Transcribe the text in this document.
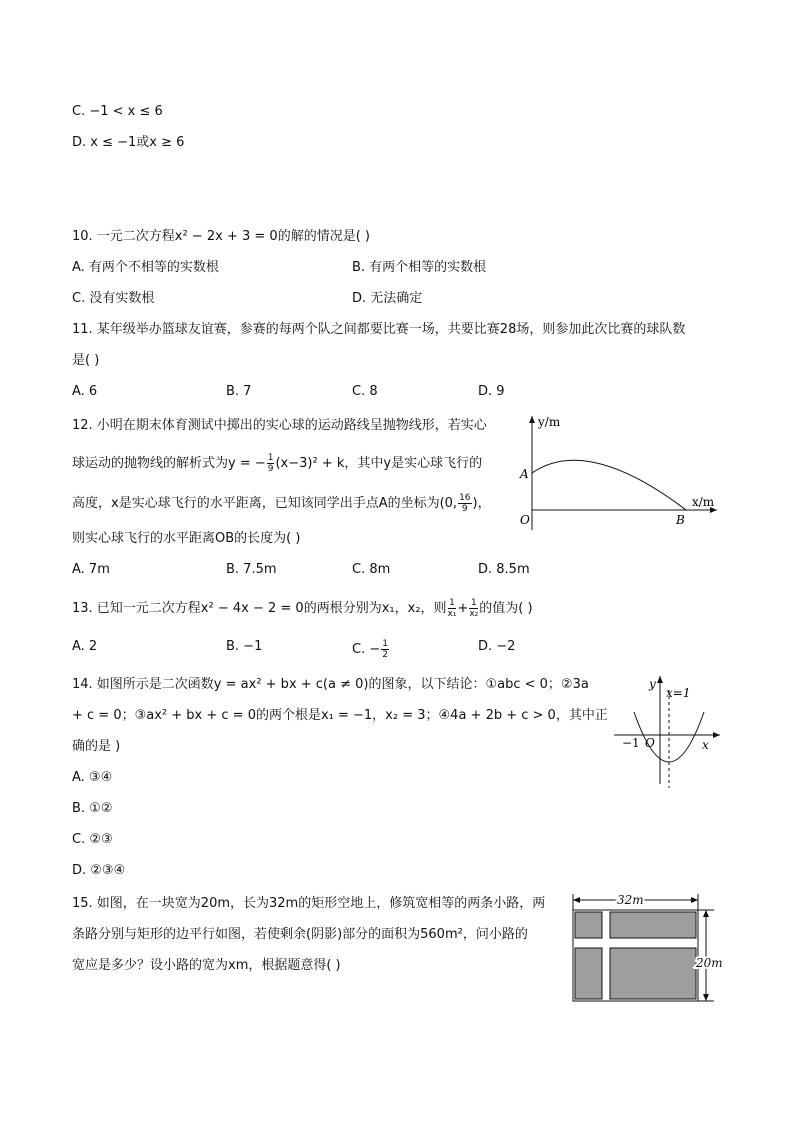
C. −1 < x ≤ 6
D. x ≤ −1或x ≥ 6
10. 一元二次方程x² − 2x + 3 = 0的解的情况是( )
A. 有两个不相等的实数根	B. 有两个相等的实数根
C. 没有实数根	D. 无法确定
11. 某年级举办篮球友谊赛，参赛的每两个队之间都要比赛一场，共要比赛28场，则参加此次比赛的球队数
是( )
A. 6	B. 7	C. 8	D. 9
12. 小明在期末体育测试中掷出的实心球的运动路线呈抛物线形，若实心
球运动的抛物线的解析式为y = − $\frac{1}{9} (x-3)^2 + k$，其中y是实心球飞行的
高度，x是实心球飞行的水平距离，已知该同学出手点A的坐标为(0, $\frac{16}{9}$ )，
则实心球飞行的水平距离OB的长度为( )
A. 7m	B. 7.5m	C. 8m	D. 8.5m
y/m
x/m
A
O	B
13. 已知一元二次方程x² − 4x − 2 = 0的两根分别为x₁，x₂，则 $\frac{1}{\text{x₁}} + \frac{1}{\text{x₂}}$ 的值为( )
A. 2	B. −1	C. − $\frac{1}{2}$	D. −2
14. 如图所示是二次函数y = ax² + bx + c(a ≠ 0)的图象，以下结论：①abc < 0；②3a
+ c = 0；③ax² + bx + c = 0的两个根是x₁ = −1，x₂ = 3；④4a + 2b + c > 0，其中正
确的是 )
A. ③④
B. ①②
C. ②③
D. ②③④
y
x=1
−1 O	x
15. 如图，在一块宽为20m，长为32m的矩形空地上，修筑宽相等的两条小路，两
条路分别与矩形的边平行如图，若使剩余(阴影)部分的面积为560m²，问小路的
宽应是多少？设小路的宽为xm，根据题意得( )
32m
20m
